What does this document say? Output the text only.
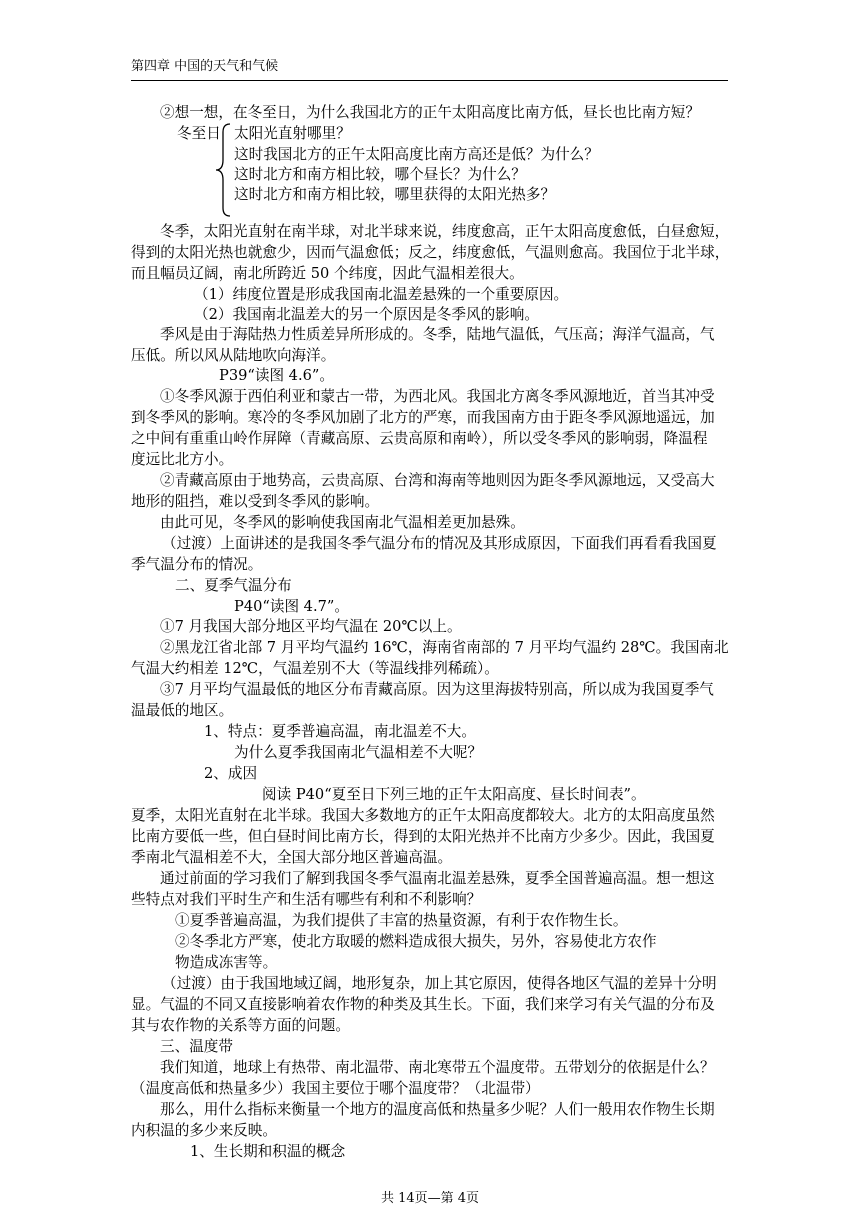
第四章 中国的天气和气候
②想一想，在冬至日，为什么我国北方的正午太阳高度比南方低，昼长也比南方短？
冬至日 太阳光直射哪里？
这时我国北方的正午太阳高度比南方高还是低？为什么？
这时北方和南方相比较，哪个昼长？为什么？
这时北方和南方相比较，哪里获得的太阳光热多？
冬季，太阳光直射在南半球，对北半球来说，纬度愈高，正午太阳高度愈低，白昼愈短，
得到的太阳光热也就愈少，因而气温愈低；反之，纬度愈低，气温则愈高。我国位于北半球，
而且幅员辽阔，南北所跨近 50 个纬度，因此气温相差很大。
（1）纬度位置是形成我国南北温差悬殊的一个重要原因。
（2）我国南北温差大的另一个原因是冬季风的影响。
季风是由于海陆热力性质差异所形成的。冬季，陆地气温低，气压高；海洋气温高，气
压低。所以风从陆地吹向海洋。
P39“读图 4.6”。
①冬季风源于西伯利亚和蒙古一带，为西北风。我国北方离冬季风源地近，首当其冲受
到冬季风的影响。寒冷的冬季风加剧了北方的严寒，而我国南方由于距冬季风源地遥远，加
之中间有重重山岭作屏障（青藏高原、云贵高原和南岭），所以受冬季风的影响弱，降温程
度远比北方小。
②青藏高原由于地势高，云贵高原、台湾和海南等地则因为距冬季风源地远，又受高大
地形的阻挡，难以受到冬季风的影响。
由此可见，冬季风的影响使我国南北气温相差更加悬殊。
（过渡）上面讲述的是我国冬季气温分布的情况及其形成原因，下面我们再看看我国夏
季气温分布的情况。
二、夏季气温分布
P40“读图 4.7”。
①7 月我国大部分地区平均气温在 20℃以上。
②黑龙江省北部 7 月平均气温约 16℃，海南省南部的 7 月平均气温约 28℃。我国南北
气温大约相差 12℃，气温差别不大（等温线排列稀疏）。
③7 月平均气温最低的地区分布青藏高原。因为这里海拔特别高，所以成为我国夏季气
温最低的地区。
1、特点：夏季普遍高温，南北温差不大。
为什么夏季我国南北气温相差不大呢？
2、成因
阅读 P40“夏至日下列三地的正午太阳高度、昼长时间表”。
夏季，太阳光直射在北半球。我国大多数地方的正午太阳高度都较大。北方的太阳高度虽然
比南方要低一些，但白昼时间比南方长，得到的太阳光热并不比南方少多少。因此，我国夏
季南北气温相差不大，全国大部分地区普遍高温。
通过前面的学习我们了解到我国冬季气温南北温差悬殊，夏季全国普遍高温。想一想这
些特点对我们平时生产和生活有哪些有利和不利影响？
①夏季普遍高温，为我们提供了丰富的热量资源，有利于农作物生长。
②冬季北方严寒，使北方取暖的燃料造成很大损失，另外，容易使北方农作
物造成冻害等。
（过渡）由于我国地域辽阔，地形复杂，加上其它原因，使得各地区气温的差异十分明
显。气温的不同又直接影响着农作物的种类及其生长。下面，我们来学习有关气温的分布及
其与农作物的关系等方面的问题。
三、温度带
我们知道，地球上有热带、南北温带、南北寒带五个温度带。五带划分的依据是什么？
（温度高低和热量多少）我国主要位于哪个温度带？（北温带）
那么，用什么指标来衡量一个地方的温度高低和热量多少呢？人们一般用农作物生长期
内积温的多少来反映。
1、生长期和积温的概念
共 14页—第 4页
